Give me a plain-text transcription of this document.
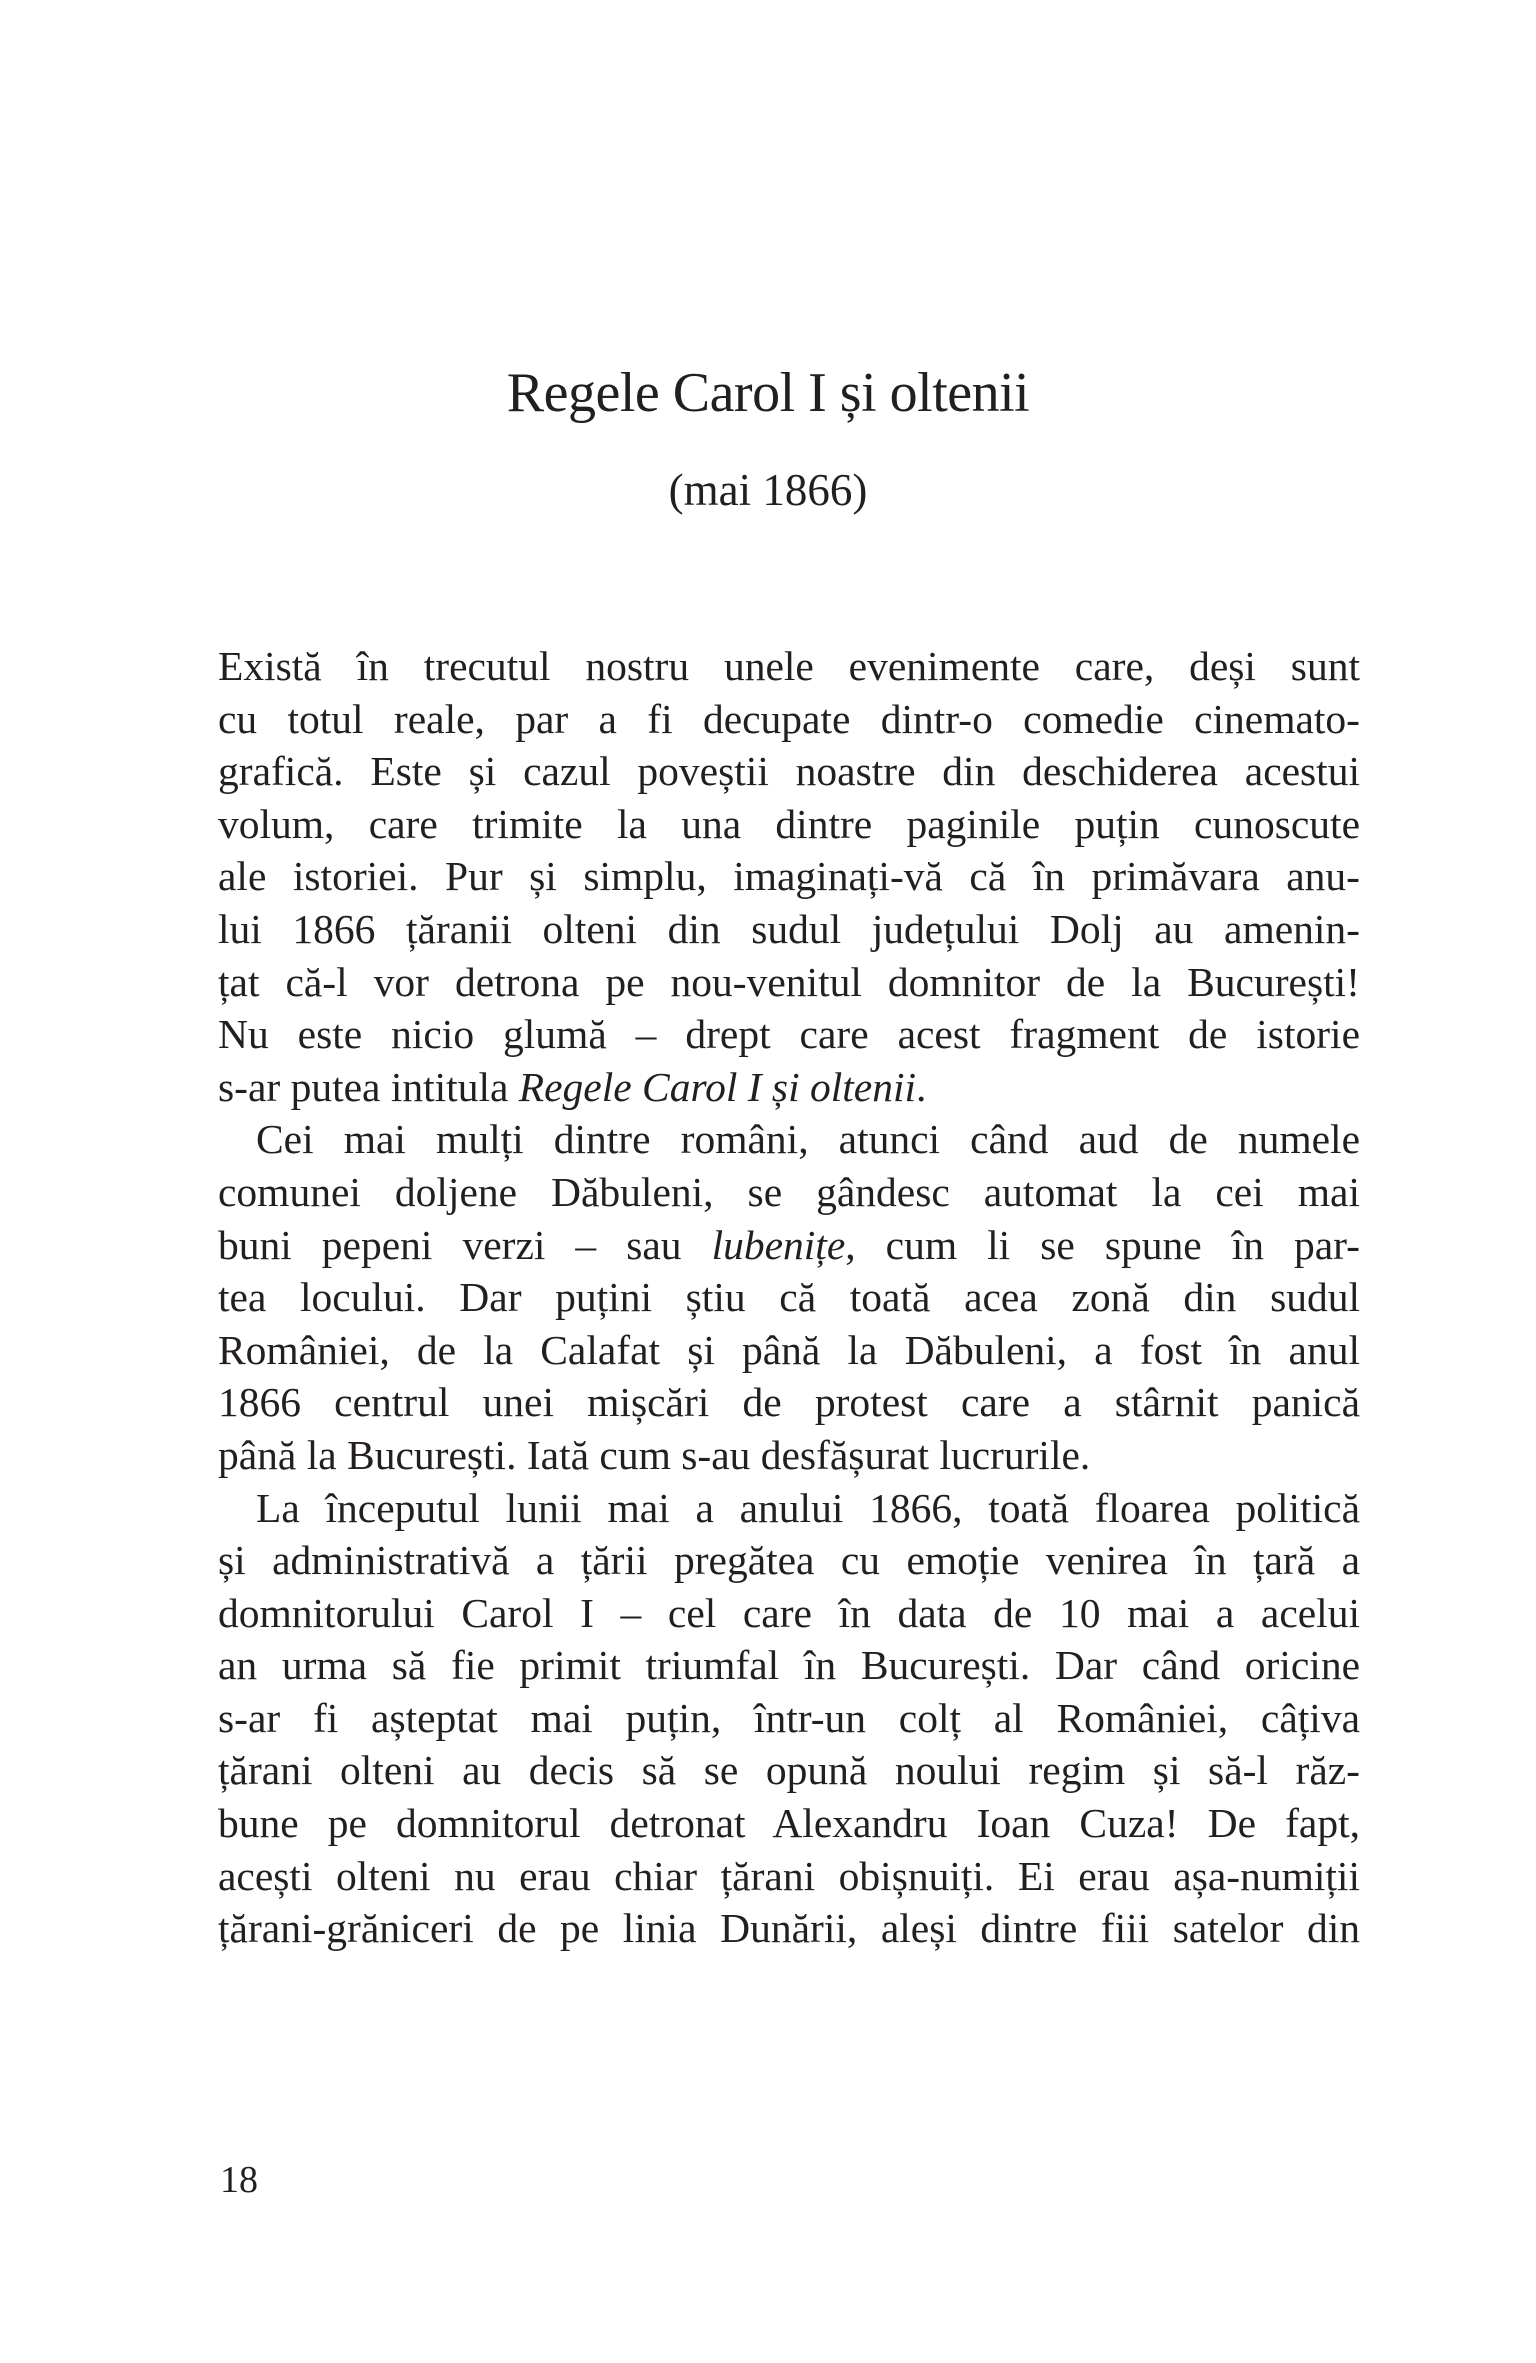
Regele Carol I și oltenii
(mai 1866)
Există în trecutul nostru unele evenimente care, deși sunt
cu totul reale, par a fi decupate dintr-o comedie cinemato-
grafică. Este și cazul poveștii noastre din deschiderea acestui
volum, care trimite la una dintre paginile puțin cunoscute
ale istoriei. Pur și simplu, imaginați-vă că în primăvara anu-
lui 1866 țăranii olteni din sudul județului Dolj au amenin-
țat că-l vor detrona pe nou-venitul domnitor de la București!
Nu este nicio glumă – drept care acest fragment de istorie
s-ar putea intitula Regele Carol I și oltenii.
Cei mai mulți dintre români, atunci când aud de numele
comunei doljene Dăbuleni, se gândesc automat la cei mai
buni pepeni verzi – sau lubenițe, cum li se spune în par-
tea locului. Dar puțini știu că toată acea zonă din sudul
României, de la Calafat și până la Dăbuleni, a fost în anul
1866 centrul unei mișcări de protest care a stârnit panică
până la București. Iată cum s-au desfășurat lucrurile.
La începutul lunii mai a anului 1866, toată floarea politică
și administrativă a țării pregătea cu emoție venirea în țară a
domnitorului Carol I – cel care în data de 10 mai a acelui
an urma să fie primit triumfal în București. Dar când oricine
s-ar fi așteptat mai puțin, într-un colț al României, câțiva
țărani olteni au decis să se opună noului regim și să-l răz-
bune pe domnitorul detronat Alexandru Ioan Cuza! De fapt,
acești olteni nu erau chiar țărani obișnuiți. Ei erau așa-numiții
țărani-grăniceri de pe linia Dunării, aleși dintre fiii satelor din
18
